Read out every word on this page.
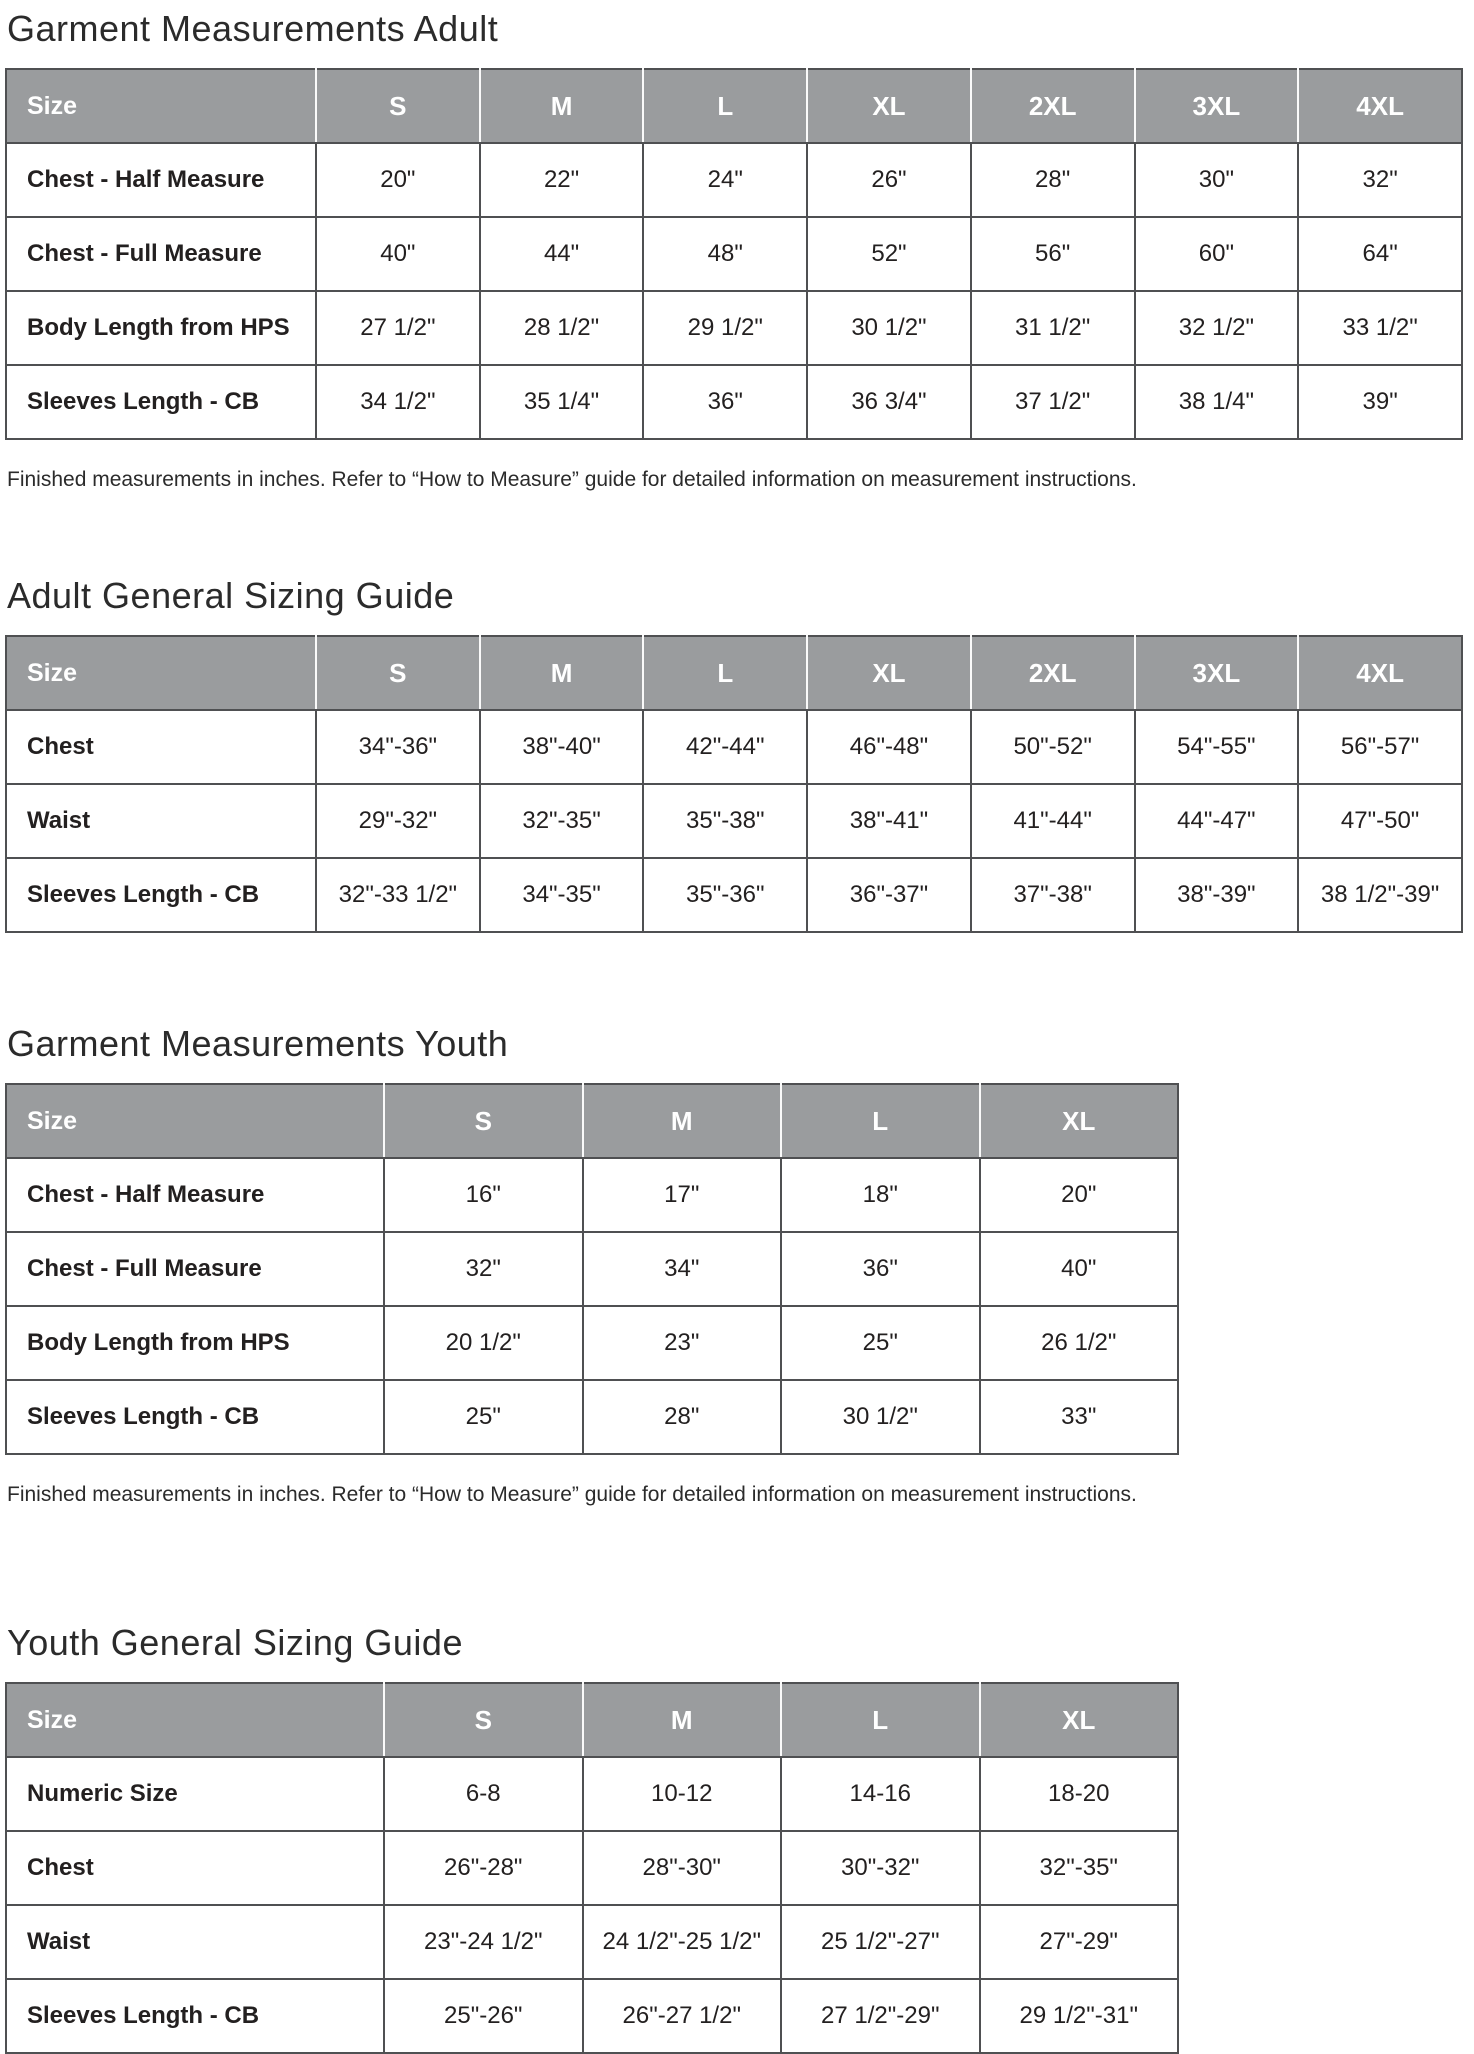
Garment Measurements Adult
Size	S	M	L	XL	2XL	3XL	4XL
Chest - Half Measure	20"	22"	24"	26"	28"	30"	32"
Chest - Full Measure	40"	44"	48"	52"	56"	60"	64"
Body Length from HPS	27 1/2"	28 1/2"	29 1/2"	30 1/2"	31 1/2"	32 1/2"	33 1/2"
Sleeves Length - CB	34 1/2"	35 1/4"	36"	36 3/4"	37 1/2"	38 1/4"	39"

Finished measurements in inches. Refer to “How to Measure” guide for detailed information on measurement instructions.

Adult General Sizing Guide
Size	S	M	L	XL	2XL	3XL	4XL
Chest	34"-36"	38"-40"	42"-44"	46"-48"	50"-52"	54"-55"	56"-57"
Waist	29"-32"	32"-35"	35"-38"	38"-41"	41"-44"	44"-47"	47"-50"
Sleeves Length - CB	32"-33 1/2"	34"-35"	35"-36"	36"-37"	37"-38"	38"-39"	38 1/2"-39"
Garment Measurements Youth
Size	S	M	L	XL
Chest - Half Measure	16"	17"	18"	20"
Chest - Full Measure	32"	34"	36"	40"
Body Length from HPS	20 1/2"	23"	25"	26 1/2"
Sleeves Length - CB	25"	28"	30 1/2"	33"

Finished measurements in inches. Refer to “How to Measure” guide for detailed information on measurement instructions.

Youth General Sizing Guide
Size	S	M	L	XL
Numeric Size	6-8	10-12	14-16	18-20
Chest	26"-28"	28"-30"	30"-32"	32"-35"
Waist	23"-24 1/2"	24 1/2"-25 1/2"	25 1/2"-27"	27"-29"
Sleeves Length - CB	25"-26"	26"-27 1/2"	27 1/2"-29"	29 1/2"-31"
